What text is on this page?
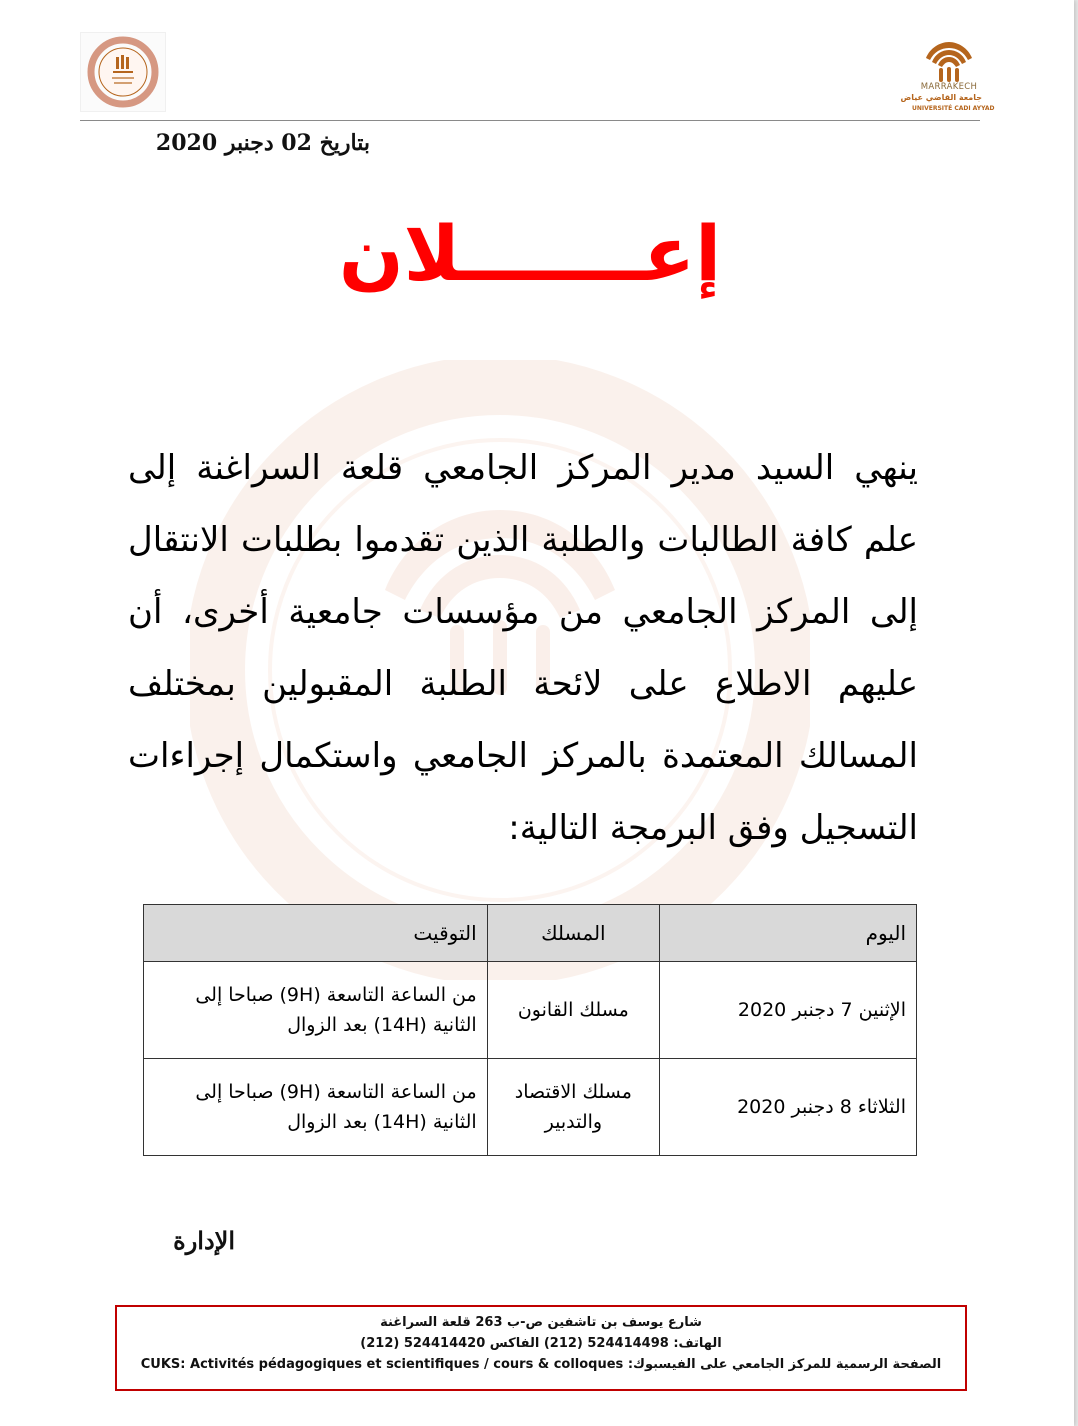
MARRAKECH
جامعة القاضي عياض
UNIVERSITÉ CADI AYYAD
بتاريخ 02 دجنبر 2020
إعـــــــلان
ينهي السيد مدير المركز الجامعي قلعة السراغنة إلى علم كافة الطالبات والطلبة الذين تقدموا بطلبات الانتقال إلى المركز الجامعي من مؤسسات جامعية أخرى، أن عليهم الاطلاع على لائحة الطلبة المقبولين بمختلف المسالك المعتمدة بالمركز الجامعي واستكمال إجراءات التسجيل وفق البرمجة التالية:
اليوم	المسلك	التوقيت
الإثنين 7 دجنبر 2020	مسلك القانون	من الساعة التاسعة (9H) صباحا إلى الثانية (14H) بعد الزوال
الثلاثاء 8 دجنبر 2020	مسلك الاقتصاد والتدبير	من الساعة التاسعة (9H) صباحا إلى الثانية (14H) بعد الزوال
الإدارة
شارع يوسف بن تاشفين ص-ب 263 قلعة السراغنة
الهاتف: 524414498 (212) الفاكس 524414420 (212)
CUKS: Activités pédagogiques et scientifiques / cours & colloques الصفحة الرسمية للمركز الجامعي على الفيسبوك:
